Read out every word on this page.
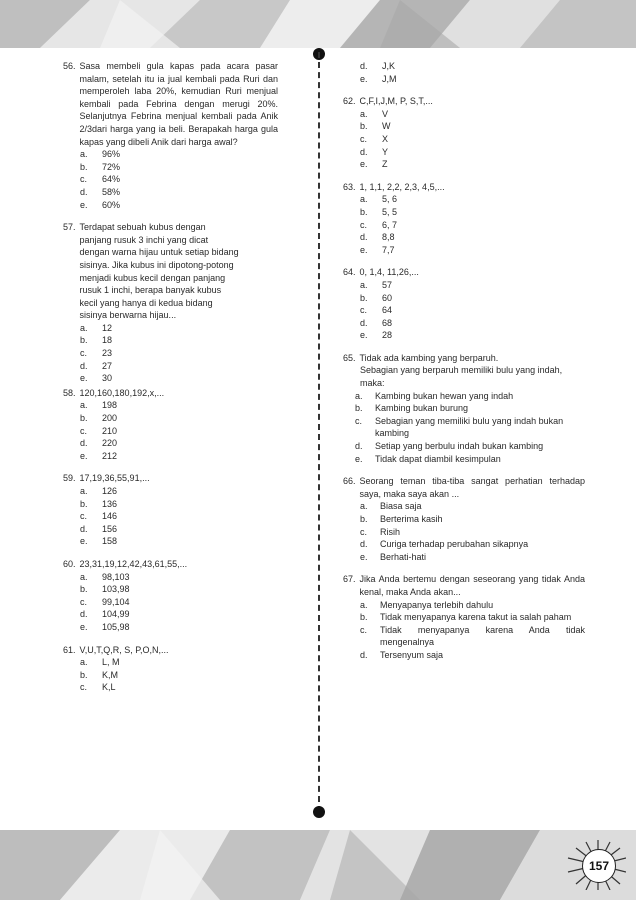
56. Sasa membeli gula kapas pada acara pasar malam, setelah itu ia jual kembali pada Ruri dan memperoleh laba 20%, kemudian Ruri menjual kembali pada Febrina dengan merugi 20%. Selanjutnya Febrina menjual kembali pada Anik 2/3dari harga yang ia beli. Berapakah harga gula kapas yang dibeli Anik dari harga awal?
a.	96%
b.	72%
c.	64%
d.	58%
e.	60%
57. Terdapat sebuah kubus dengan panjang rusuk 3 inchi yang dicat dengan warna hijau untuk setiap bidang sisinya. Jika kubus ini dipotong-potong menjadi kubus kecil dengan panjang rusuk 1 inchi, berapa banyak kubus kecil yang hanya di kedua bidang sisinya berwarna hijau...
a.	12
b.	18
c.	23
d.	27
e.	30
58. 120,160,180,192,x,...
a.	198
b.	200
c.	210
d.	220
e.	212
59. 17,19,36,55,91,...
a.	126
b.	136
c.	146
d.	156
e.	158
60. 23,31,19,12,42,43,61,55,...
a.	98,103
b.	103,98
c.	99,104
d.	104,99
e.	105,98
61. V,U,T,Q,R, S, P,O,N,...
a.	L, M
b.	K,M
c.	K,L
d.	J,K
e.	J,M
62. C,F,I,J,M, P, S,T,...
a.	V
b.	W
c.	X
d.	Y
e.	Z
63. 1, 1,1, 2,2, 2,3, 4,5,...
a.	5, 6
b.	5, 5
c.	6, 7
d.	8,8
e.	7,7
64. 0, 1,4, 11,26,...
a.	57
b.	60
c.	64
d.	68
e.	28
65. Tidak ada kambing yang berparuh.
Sebagian yang berparuh memiliki bulu yang indah, maka:
a.	Kambing bukan hewan yang indah
b.	Kambing bukan burung
c.	Sebagian yang memiliki bulu yang indah bukan kambing
d.	Setiap yang berbulu indah bukan kambing
e.	Tidak dapat diambil kesimpulan
66. Seorang teman tiba-tiba sangat perhatian terhadap saya, maka saya akan ...
a.	Biasa saja
b.	Berterima kasih
c.	Risih
d.	Curiga terhadap perubahan sikapnya
e.	Berhati-hati
67. Jika Anda bertemu dengan seseorang yang tidak Anda kenal, maka Anda akan...
a.	Menyapanya terlebih dahulu
b.	Tidak menyapanya karena takut ia salah paham
c.	Tidak menyapanya karena Anda tidak mengenalnya
d.	Tersenyum saja
157
